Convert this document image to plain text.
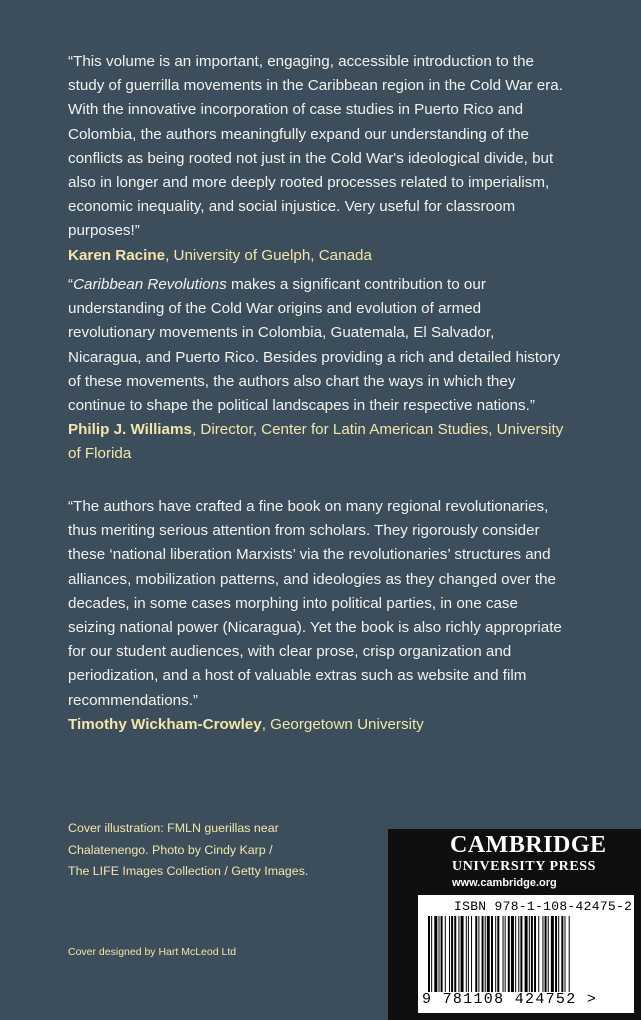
“This volume is an important, engaging, accessible introduction to the study of guerrilla movements in the Caribbean region in the Cold War era. With the innovative incorporation of case studies in Puerto Rico and Colombia, the authors meaningfully expand our understanding of the conflicts as being rooted not just in the Cold War's ideological divide, but also in longer and more deeply rooted processes related to imperialism, economic inequality, and social injustice. Very useful for classroom purposes!”

Karen Racine, University of Guelph, Canada

“Caribbean Revolutions makes a significant contribution to our understanding of the Cold War origins and evolution of armed revolutionary movements in Colombia, Guatemala, El Salvador, Nicaragua, and Puerto Rico. Besides providing a rich and detailed history of these movements, the authors also chart the ways in which they continue to shape the political landscapes in their respective nations.”

Philip J. Williams, Director, Center for Latin American Studies, University of Florida

“The authors have crafted a fine book on many regional revolutionaries, thus meriting serious attention from scholars. They rigorously consider these ‘national liberation Marxists’ via the revolutionaries’ structures and alliances, mobilization patterns, and ideologies as they changed over the decades, in some cases morphing into political parties, in one case seizing national power (Nicaragua). Yet the book is also richly appropriate for our student audiences, with clear prose, crisp organization and periodization, and a host of valuable extras such as website and film recommendations.”

Timothy Wickham-Crowley, Georgetown University

Cover illustration: FMLN guerillas near
Chalatenengo. Photo by Cindy Karp /
The LIFE Images Collection / Getty Images.
Cover designed by Hart McLeod Ltd
CAMBRIDGE
UNIVERSITY PRESS
www.cambridge.org
ISBN 978-1-108-42475-2
9 781108 424752 >
